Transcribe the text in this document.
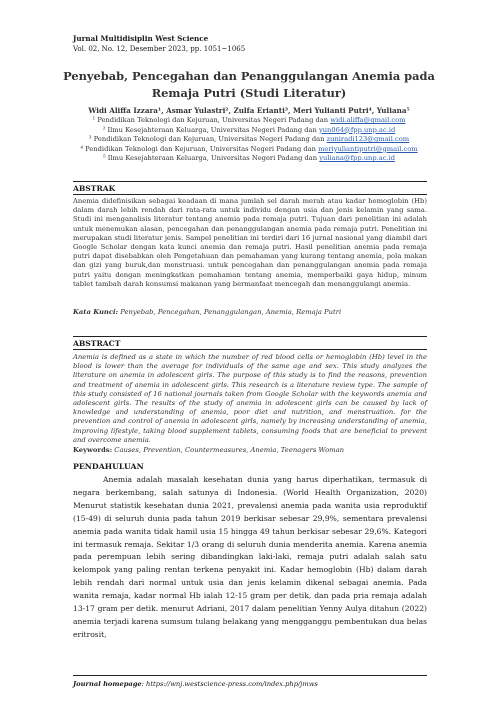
Jurnal Multidisiplin West Science
Vol. 02, No. 12, Desember 2023, pp. 1051~1065
Penyebab, Pencegahan dan Penanggulangan Anemia pada Remaja Putri (Studi Literatur)
Widi Aliffa Izzara¹, Asmar Yulastri², Zulfa Erianti³, Meri Yulianti Putri⁴, Yuliana⁵
¹ Pendidikan Teknologi dan Kejuruan, Universitas Negeri Padang dan widi.aliffa@gmail.com
² Ilmu Kesejahteraan Keluarga, Universitas Negeri Padang dan yun064@fpp.unp.ac.id
³ Pendidikan Teknologi dan Kejuruan, Universitas Negeri Padang dan zuniradi123@gmail.com
⁴ Pendidikan Teknologi dan Kejuruan, Universitas Negeri Padang dan meriyuliantiputri@gmail.com
⁵ Ilmu Kesejahteraan Keluarga, Universitas Negeri Padang dan yuliana@fpp.unp.ac.id
ABSTRAK

Anemia didefinisikan sebagai keadaan di mana jumlah sel darah merah atau kadar hemoglobin (Hb) dalam darah lebih rendah dari rata-rata untuk individu dengan usia dan jenis kelamin yang sama. Studi ini menganalisis literatur tentang anemia pada remaja putri. Tujuan dari penelitian ini adalah untuk menemukan alasan, pencegahan dan penanggulangan anemia pada remaja putri. Penelitian ini merupakan studi literatur jenis. Sampel penelitian ini terdiri dari 16 jurnal nasional yang diambil dari Google Scholar dengan kata kunci anemia dan remaja putri. Hasil penelitian anemia pada remaja putri dapat disebabkan oleh Pengetahuan dan pemahaman yang kurang tentang anemia, pola makan dan gizi yang buruk,dan menstruasi. untuk pencegahan dan penanggulangan anemia pada remaja putri yaitu dengan meningkatkan pemahaman tentang anemia, memperbaiki gaya hidup, minum tablet tambah darah konsumsi makanan yang bermanfaat mencegah dan menanggulangi anemia.

Kata Kunci: Penyebab, Pencegahan, Penanggulangan, Anemia, Remaja Putri
ABSTRACT

Anemia is defined as a state in which the number of red blood cells or hemoglobin (Hb) level in the blood is lower than the average for individuals of the same age and sex. This study analyzes the literature on anemia in adolescent girls. The purpose of this study is to find the reasons, prevention and treatment of anemia in adolescent girls. This research is a literature review type. The sample of this study consisted of 16 national journals taken from Google Scholar with the keywords anemia and adolescent girls. The results of the study of anemia in adolescent girls can be caused by lack of knowledge and understanding of anemia, poor diet and nutrition, and menstruation. for the prevention and control of anemia in adolescent girls, namely by increasing understanding of anemia, improving lifestyle, taking blood supplement tablets, consuming foods that are beneficial to prevent and overcome anemia.

Keywords: Causes, Prevention, Countermeasures, Anemia, Teenagers Woman
PENDAHULUAN

Anemia adalah masalah kesehatan dunia yang harus diperhatikan, termasuk di negara berkembang, salah satunya di Indonesia. (World Health Organization, 2020) Menurut statistik kesehatan dunia 2021, prevalensi anemia pada wanita usia reproduktif (15-49) di seluruh dunia pada tahun 2019 berkisar sebesar 29,9%, sementara prevalensi anemia pada wanita tidak hamil usia 15 hingga 49 tahun berkisar sebesar 29,6%. Kategori ini termasuk remaja. Sekitar 1/3 orang di seluruh dunia menderita anemia. Karena anemia pada perempuan lebih sering dibandingkan laki-laki, remaja putri adalah salah satu kelompok yang paling rentan terkena penyakit ini. Kadar hemoglobin (Hb) dalam darah lebih rendah dari normal untuk usia dan jenis kelamin dikenal sebagai anemia. Pada wanita remaja, kadar normal Hb ialah 12-15 gram per detik, dan pada pria remaja adalah 13-17 gram per detik. menurut Adriani, 2017 dalam penelitian Yenny Aulya ditahun (2022) anemia terjadi karena sumsum tulang belakang yang mengganggu pembentukan dua belas eritrosit,

Journal homepage: https://wnj.westscience-press.com/index.php/jmws
